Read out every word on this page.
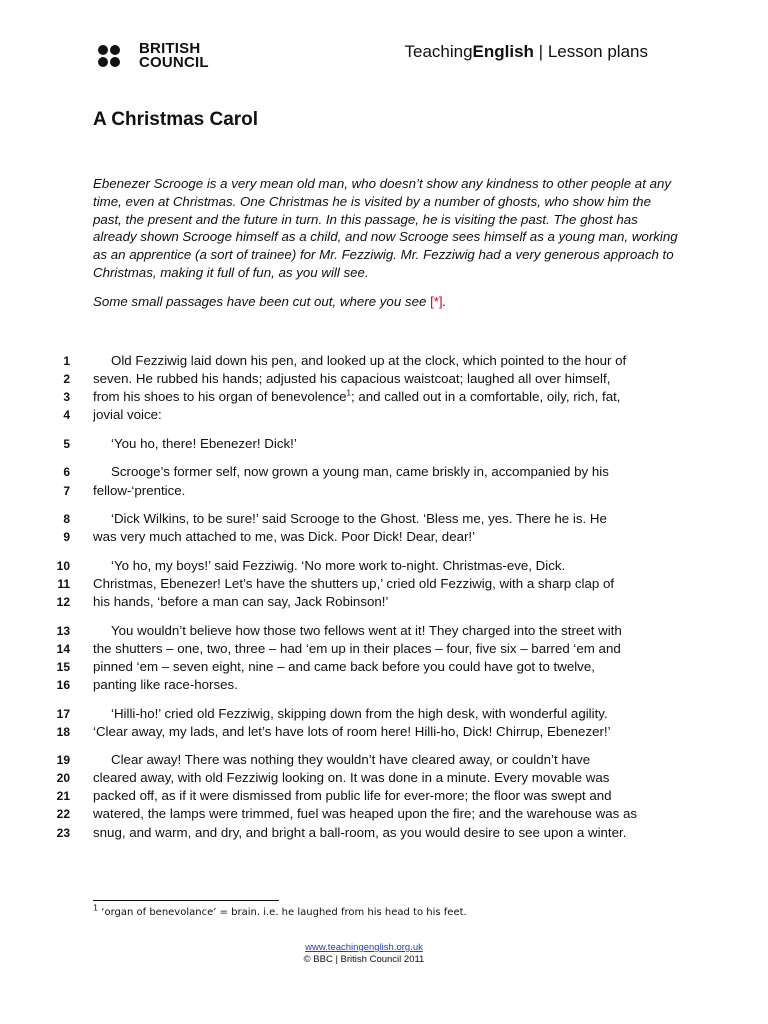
BRITISH
COUNCIL
TeachingEnglish | Lesson plans
A Christmas Carol

Ebenezer Scrooge is a very mean old man, who doesn’t show any kindness to other people at any time, even at Christmas. One Christmas he is visited by a number of ghosts, who show him the past, the present and the future in turn. In this passage, he is visiting the past. The ghost has already shown Scrooge himself as a child, and now Scrooge sees himself as a young man, working as an apprentice (a sort of trainee) for Mr. Fezziwig. Mr. Fezziwig had a very generous approach to Christmas, making it full of fun, as you will see.

Some small passages have been cut out, where you see [*].

1	Old Fezziwig laid down his pen, and looked up at the clock, which pointed to the hour of
2 seven. He rubbed his hands; adjusted his capacious waistcoat; laughed all over himself,
3 from his shoes to his organ of benevolence$^1$; and called out in a comfortable, oily, rich, fat,
4 jovial voice:
5	‘You ho, there! Ebenezer! Dick!’
6	Scrooge’s former self, now grown a young man, came briskly in, accompanied by his
7 fellow-‘prentice.
8	‘Dick Wilkins, to be sure!’ said Scrooge to the Ghost. ‘Bless me, yes. There he is. He
9 was very much attached to me, was Dick. Poor Dick! Dear, dear!’
10	‘Yo ho, my boys!’ said Fezziwig. ‘No more work to-night. Christmas-eve, Dick.
11 Christmas, Ebenezer! Let’s have the shutters up,’ cried old Fezziwig, with a sharp clap of
12 his hands, ‘before a man can say, Jack Robinson!’
13	You wouldn’t believe how those two fellows went at it! They charged into the street with
14 the shutters – one, two, three – had ‘em up in their places – four, five six – barred ‘em and
15 pinned ‘em – seven eight, nine – and came back before you could have got to twelve,
16 panting like race-horses.
17	‘Hilli-ho!’ cried old Fezziwig, skipping down from the high desk, with wonderful agility.
18 ‘Clear away, my lads, and let’s have lots of room here! Hilli-ho, Dick! Chirrup, Ebenezer!’
19	Clear away! There was nothing they wouldn’t have cleared away, or couldn’t have
20 cleared away, with old Fezziwig looking on. It was done in a minute. Every movable was
21 packed off, as if it were dismissed from public life for ever-more; the floor was swept and
22 watered, the lamps were trimmed, fuel was heaped upon the fire; and the warehouse was as
23 snug, and warm, and dry, and bright a ball-room, as you would desire to see upon a winter.
$^1$ ‘organ of benevolance’ = brain. i.e. he laughed from his head to his feet.
www.teachingenglish.org.uk
© BBC | British Council 2011
